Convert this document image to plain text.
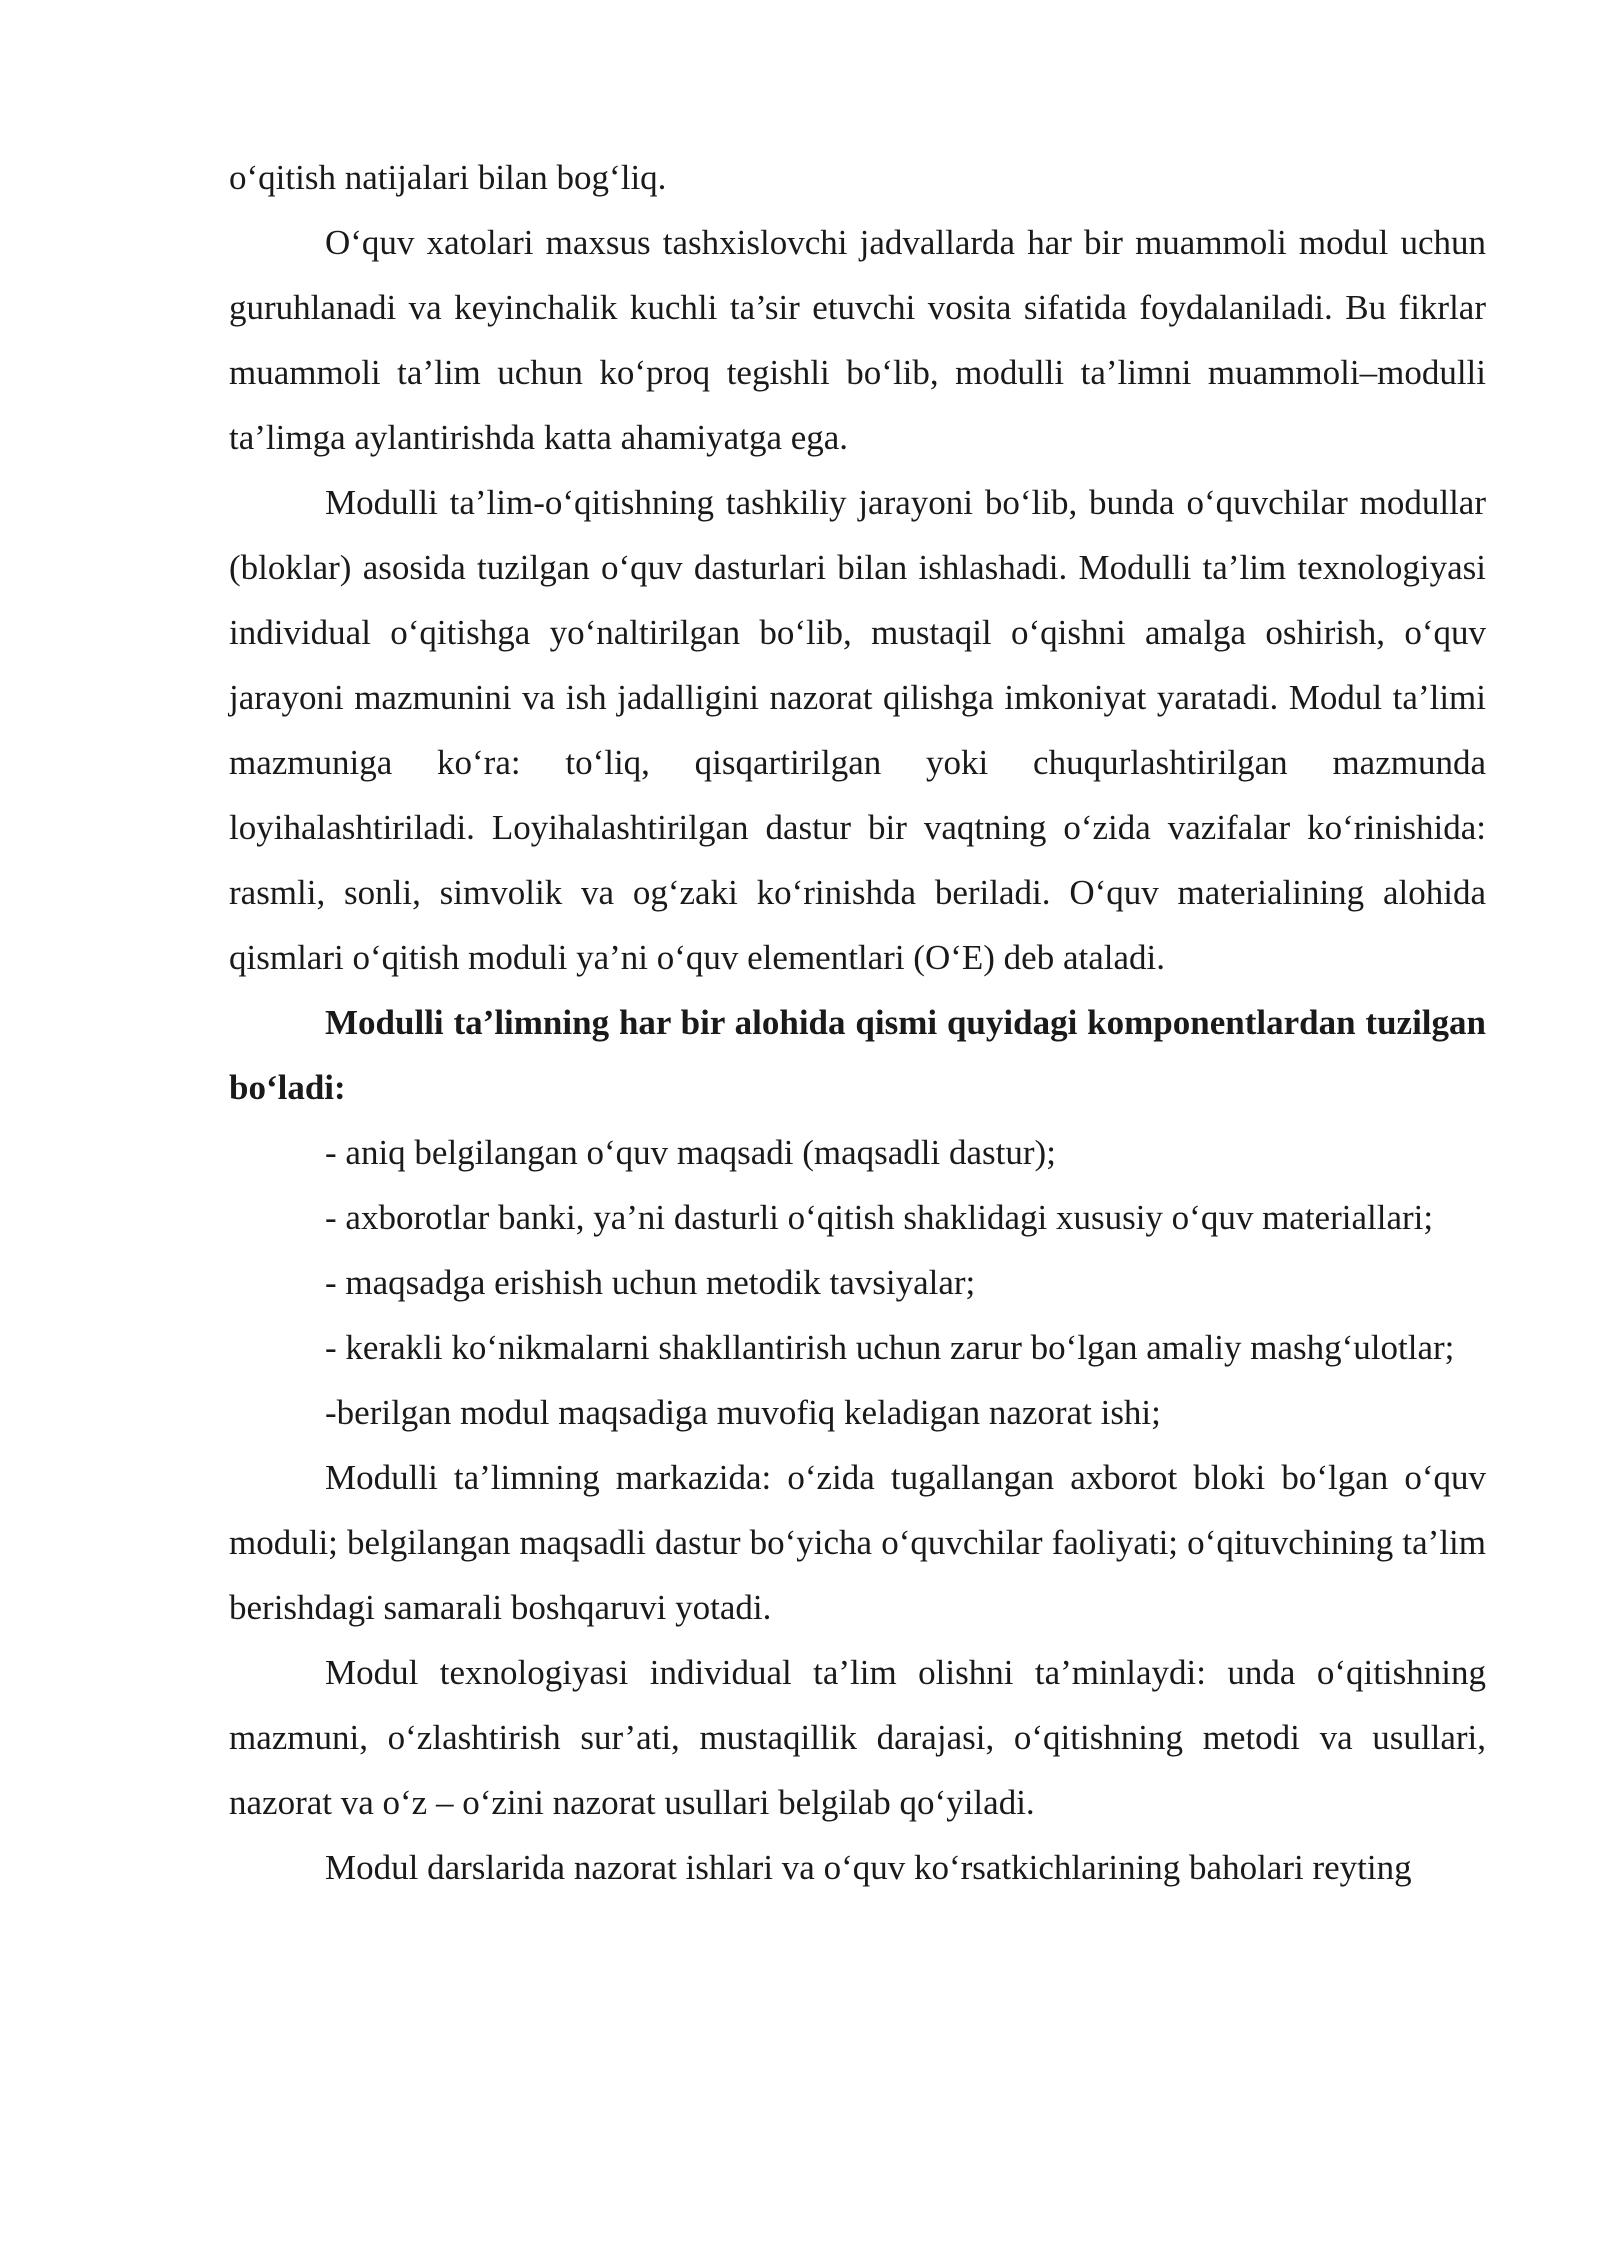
o‘qitish natijalari bilan bog‘liq.

O‘quv xatolari maxsus tashxislovchi jadvallarda har bir muammoli modul uchun guruhlanadi va keyinchalik kuchli ta’sir etuvchi vosita sifatida foydalaniladi. Bu fikrlar muammoli ta’lim uchun ko‘proq tegishli bo‘lib, modulli ta’limni muammoli–modulli ta’limga aylantirishda katta ahamiyatga ega.

Modulli ta’lim-o‘qitishning tashkiliy jarayoni bo‘lib, bunda o‘quvchilar modullar (bloklar) asosida tuzilgan o‘quv dasturlari bilan ishlashadi. Modulli ta’lim texnologiyasi individual o‘qitishga yo‘naltirilgan bo‘lib, mustaqil o‘qishni amalga oshirish, o‘quv jarayoni mazmunini va ish jadalligini nazorat qilishga imkoniyat yaratadi. Modul ta’limi mazmuniga ko‘ra: to‘liq, qisqartirilgan yoki chuqurlashtirilgan mazmunda loyihalashtiriladi. Loyihalashtirilgan dastur bir vaqtning o‘zida vazifalar ko‘rinishida: rasmli, sonli, simvolik va og‘zaki ko‘rinishda beriladi. O‘quv materialining alohida qismlari o‘qitish moduli ya’ni o‘quv elementlari (O‘E) deb ataladi.

Modulli ta’limning har bir alohida qismi quyidagi komponentlardan tuzilgan bo‘ladi:

- aniq belgilangan o‘quv maqsadi (maqsadli dastur);

- axborotlar banki, ya’ni dasturli o‘qitish shaklidagi xususiy o‘quv materiallari;

- maqsadga erishish uchun metodik tavsiyalar;

- kerakli ko‘nikmalarni shakllantirish uchun zarur bo‘lgan amaliy mashg‘ulotlar;

-berilgan modul maqsadiga muvofiq keladigan nazorat ishi;

Modulli ta’limning markazida: o‘zida tugallangan axborot bloki bo‘lgan o‘quv moduli; belgilangan maqsadli dastur bo‘yicha o‘quvchilar faoliyati; o‘qituvchining ta’lim berishdagi samarali boshqaruvi yotadi.

Modul texnologiyasi individual ta’lim olishni ta’minlaydi: unda o‘qitishning mazmuni, o‘zlashtirish sur’ati, mustaqillik darajasi, o‘qitishning metodi va usullari, nazorat va o‘z – o‘zini nazorat usullari belgilab qo‘yiladi.

Modul darslarida nazorat ishlari va o‘quv ko‘rsatkichlarining baholari reyting
